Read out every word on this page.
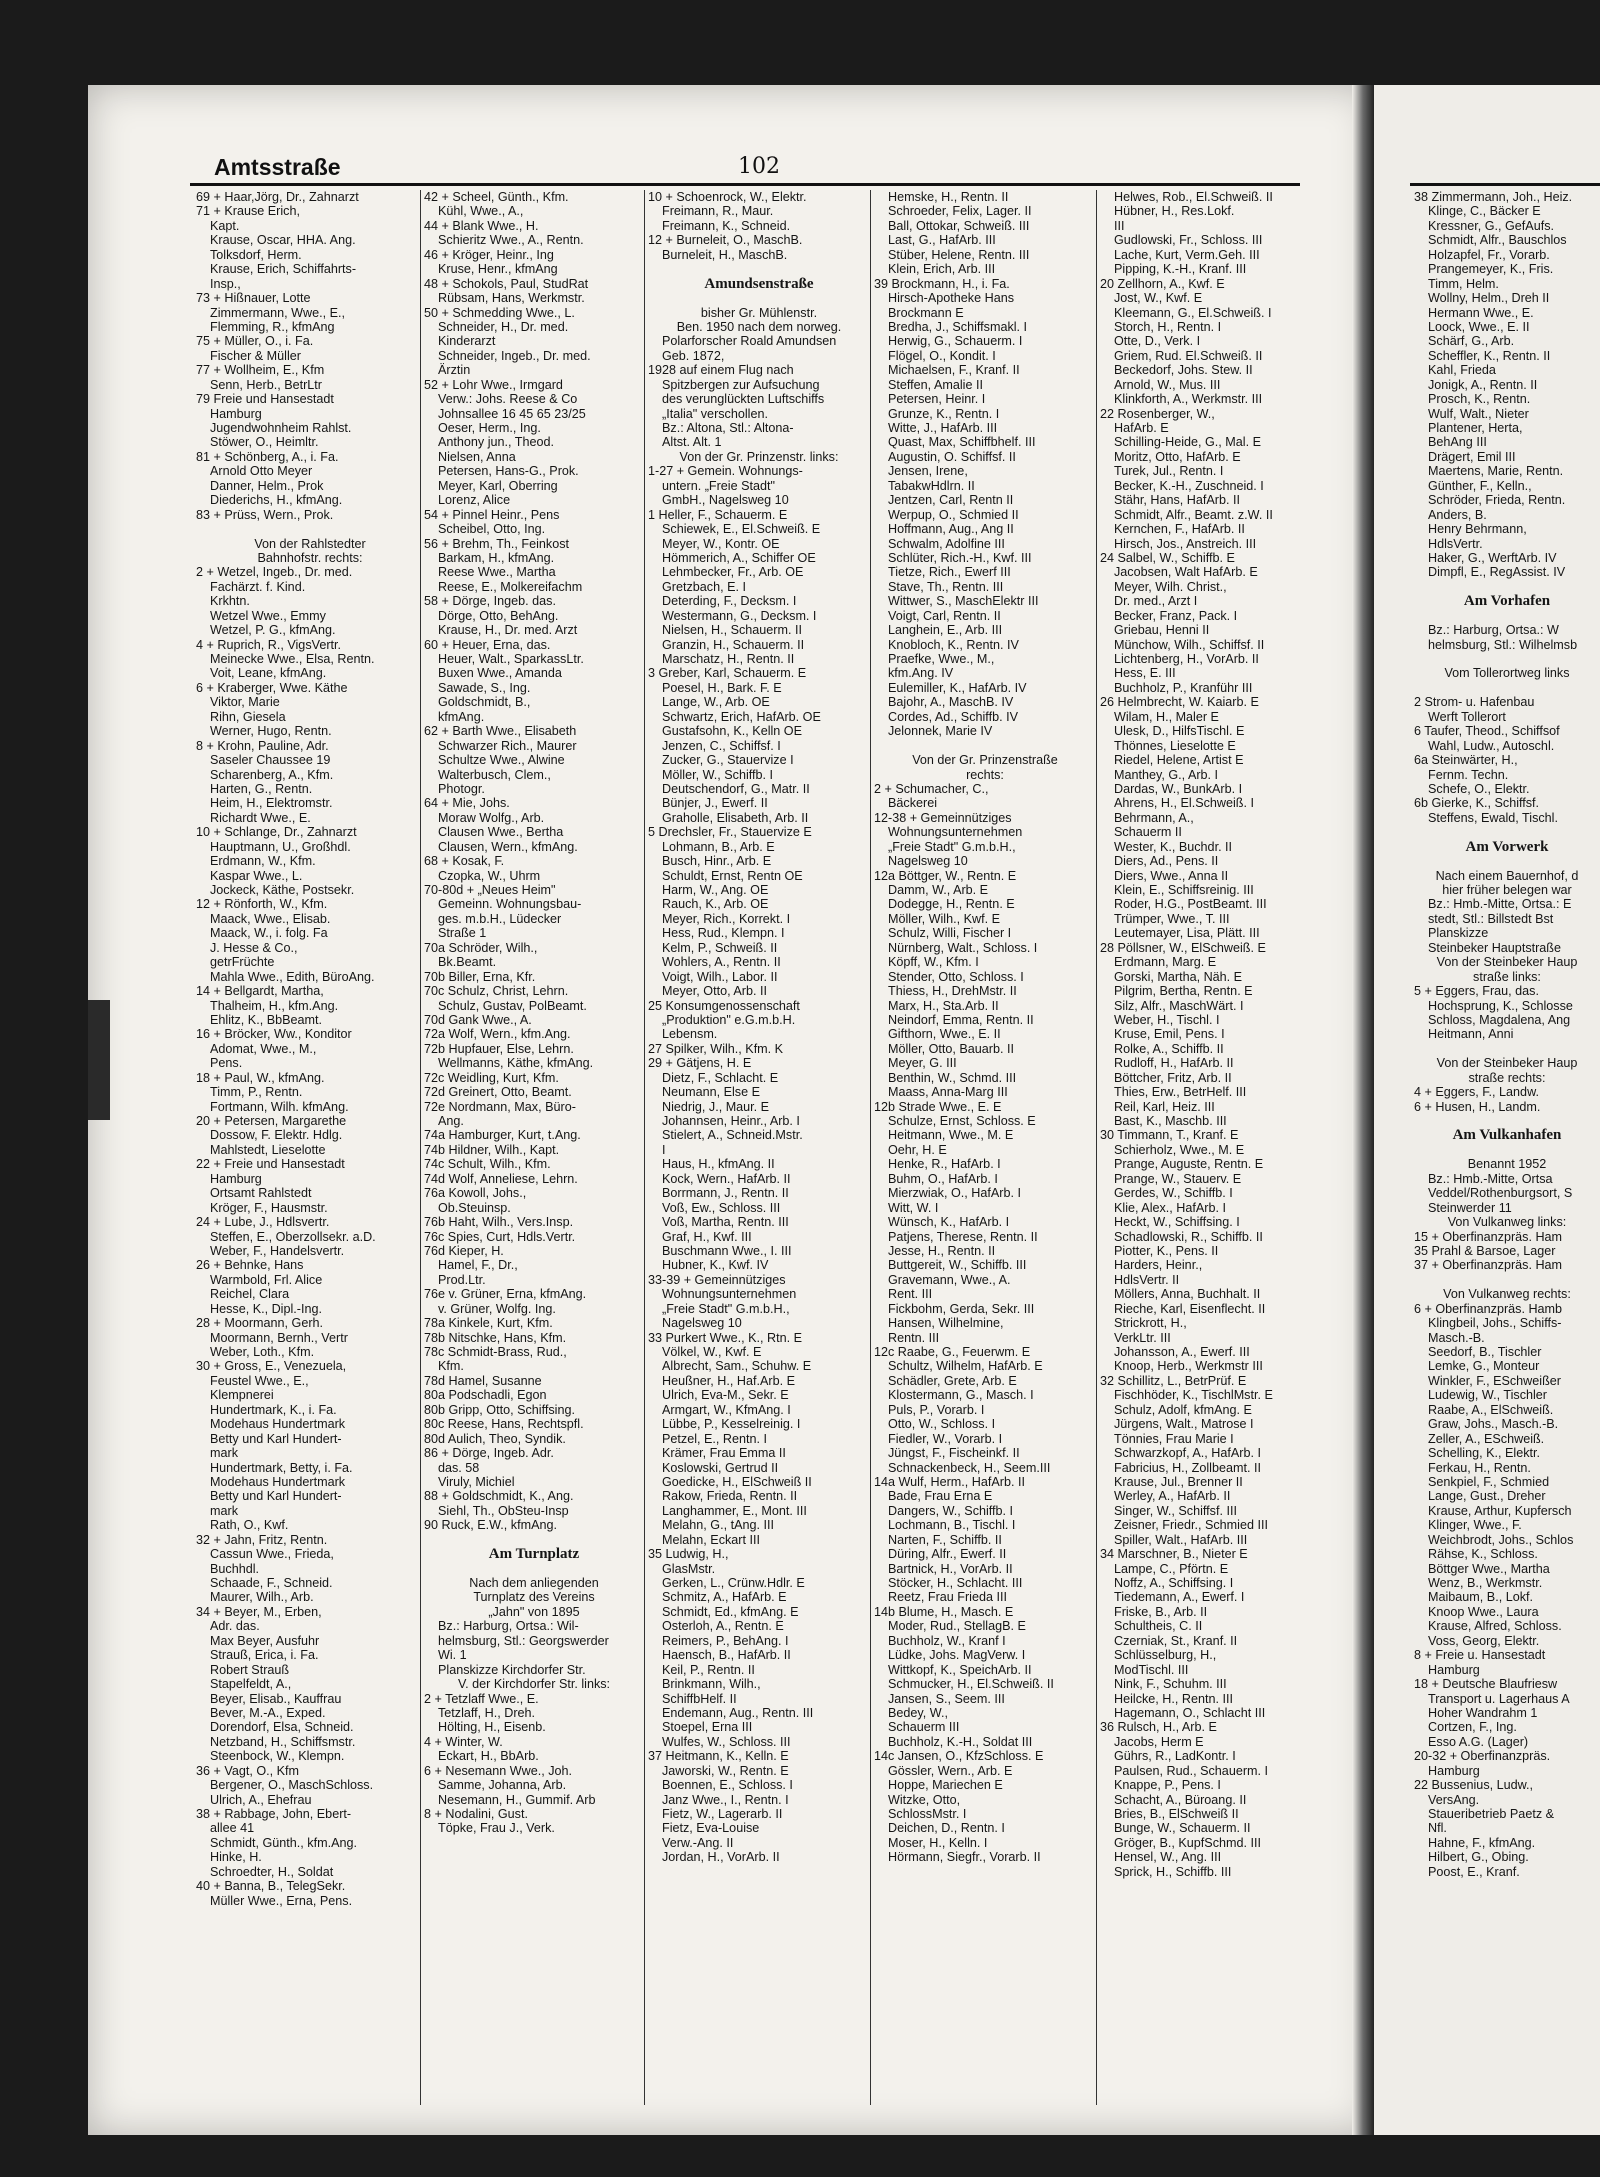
Amtsstraße	102
69 + Haar,Jörg, Dr., Zahnarzt
71 + Krause Erich,
Kapt.
Krause, Oscar, HHA. Ang.
Tolksdorf, Herm.
Krause, Erich, Schiffahrts-
Insp.,
73 + Hißnauer, Lotte
Zimmermann, Wwe., E.,
Flemming, R., kfmAng
75 + Müller, O., i. Fa.
Fischer & Müller
77 + Wollheim, E., Kfm
Senn, Herb., BetrLtr
79 Freie und Hansestadt
Hamburg
Jugendwohnheim Rahlst.
Stöwer, O., Heimltr.
81 + Schönberg, A., i. Fa.
Arnold Otto Meyer
Danner, Helm., Prok
Diederichs, H., kfmAng.
83 + Prüss, Wern., Prok.

Von der Rahlstedter
Bahnhofstr. rechts:
2 + Wetzel, Ingeb., Dr. med.
Fachärzt. f. Kind.
Krkhtn.
Wetzel Wwe., Emmy
Wetzel, P. G., kfmAng.
4 + Ruprich, R., VigsVertr.
Meinecke Wwe., Elsa, Rentn.
Voit, Leane, kfmAng.
6 + Kraberger, Wwe. Käthe
Viktor, Marie
Rihn, Giesela
Werner, Hugo, Rentn.
8 + Krohn, Pauline, Adr.
Saseler Chaussee 19
Scharenberg, A., Kfm.
Harten, G., Rentn.
Heim, H., Elektromstr.
Richardt Wwe., E.
10 + Schlange, Dr., Zahnarzt
Hauptmann, U., Großhdl.
Erdmann, W., Kfm.
Kaspar Wwe., L.
Jockeck, Käthe, Postsekr.
12 + Rönforth, W., Kfm.
Maack, Wwe., Elisab.
Maack, W., i. folg. Fa
J. Hesse & Co.,
getrFrüchte
Mahla Wwe., Edith, BüroAng.
14 + Bellgardt, Martha,
Thalheim, H., kfm.Ang.
Ehlitz, K., BbBeamt.
16 + Bröcker, Ww., Konditor
Adomat, Wwe., M.,
Pens.
18 + Paul, W., kfmAng.
Timm, P., Rentn.
Fortmann, Wilh. kfmAng.
20 + Petersen, Margarethe
Dossow, F. Elektr. Hdlg.
Mahlstedt, Lieselotte
22 + Freie und Hansestadt
Hamburg
Ortsamt Rahlstedt
Kröger, F., Hausmstr.
24 + Lube, J., Hdlsvertr.
Steffen, E., Oberzollsekr. a.D.
Weber, F., Handelsvertr.
26 + Behnke, Hans
Warmbold, Frl. Alice
Reichel, Clara
Hesse, K., Dipl.-Ing.
28 + Moormann, Gerh.
Moormann, Bernh., Vertr
Weber, Loth., Kfm.
30 + Gross, E., Venezuela,
Feustel Wwe., E.,
Klempnerei
Hundertmark, K., i. Fa.
Modehaus Hundertmark
Betty und Karl Hundert-
mark
Hundertmark, Betty, i. Fa.
Modehaus Hundertmark
Betty und Karl Hundert-
mark
Rath, O., Kwf.
32 + Jahn, Fritz, Rentn.
Cassun Wwe., Frieda,
Buchhdl.
Schaade, F., Schneid.
Maurer, Wilh., Arb.
34 + Beyer, M., Erben,
Adr. das.
Max Beyer, Ausfuhr
Strauß, Erica, i. Fa.
Robert Strauß
Stapelfeldt, A.,
Beyer, Elisab., Kauffrau
Bever, M.-A., Exped.
Dorendorf, Elsa, Schneid.
Netzband, H., Schiffsmstr.
Steenbock, W., Klempn.
36 + Vagt, O., Kfm
Bergener, O., MaschSchloss.
Ulrich, A., Ehefrau
38 + Rabbage, John, Ebert-
allee 41
Schmidt, Günth., kfm.Ang.
Hinke, H.
Schroedter, H., Soldat
40 + Banna, B., TelegSekr.
Müller Wwe., Erna, Pens.
42 + Scheel, Günth., Kfm.
Kühl, Wwe., A.,
44 + Blank Wwe., H.
Schieritz Wwe., A., Rentn.
46 + Kröger, Heinr., Ing
Kruse, Henr., kfmAng
48 + Schokols, Paul, StudRat
Rübsam, Hans, Werkmstr.
50 + Schmedding Wwe., L.
Schneider, H., Dr. med.
Kinderarzt
Schneider, Ingeb., Dr. med.
Ärztin
52 + Lohr Wwe., Irmgard
Verw.: Johs. Reese & Co
Johnsallee 16 45 65 23/25
Oeser, Herm., Ing.
Anthony jun., Theod.
Nielsen, Anna
Petersen, Hans-G., Prok.
Meyer, Karl, Oberring
Lorenz, Alice
54 + Pinnel Heinr., Pens
Scheibel, Otto, Ing.
56 + Brehm, Th., Feinkost
Barkam, H., kfmAng.
Reese Wwe., Martha
Reese, E., Molkereifachm
58 + Dörge, Ingeb. das.
Dörge, Otto, BehAng.
Krause, H., Dr. med. Arzt
60 + Heuer, Erna, das.
Heuer, Walt., SparkassLtr.
Buxen Wwe., Amanda
Sawade, S., Ing.
Goldschmidt, B.,
kfmAng.
62 + Barth Wwe., Elisabeth
Schwarzer Rich., Maurer
Schultze Wwe., Alwine
Walterbusch, Clem.,
Photogr.
64 + Mie, Johs.
Moraw Wolfg., Arb.
Clausen Wwe., Bertha
Clausen, Wern., kfmAng.
68 + Kosak, F.
Czopka, W., Uhrm
70-80d + „Neues Heim"
Gemeinn. Wohnungsbau-
ges. m.b.H., Lüdecker
Straße 1
70a Schröder, Wilh.,
Bk.Beamt.
70b Biller, Erna, Kfr.
70c Schulz, Christ, Lehrn.
Schulz, Gustav, PolBeamt.
70d Gank Wwe., A.
72a Wolf, Wern., kfm.Ang.
72b Hupfauer, Else, Lehrn.
Wellmanns, Käthe, kfmAng.
72c Weidling, Kurt, Kfm.
72d Greinert, Otto, Beamt.
72e Nordmann, Max, Büro-
Ang.
74a Hamburger, Kurt, t.Ang.
74b Hildner, Wilh., Kapt.
74c Schult, Wilh., Kfm.
74d Wolf, Anneliese, Lehrn.
76a Kowoll, Johs.,
Ob.Steuinsp.
76b Haht, Wilh., Vers.Insp.
76c Spies, Curt, Hdls.Vertr.
76d Kieper, H.
Hamel, F., Dr.,
Prod.Ltr.
76e v. Grüner, Erna, kfmAng.
v. Grüner, Wolfg. Ing.
78a Kinkele, Kurt, Kfm.
78b Nitschke, Hans, Kfm.
78c Schmidt-Brass, Rud.,
Kfm.
78d Hamel, Susanne
80a Podschadli, Egon
80b Gripp, Otto, Schiffsing.
80c Reese, Hans, Rechtspfl.
80d Aulich, Theo, Syndik.
86 + Dörge, Ingeb. Adr.
das. 58
Viruly, Michiel
88 + Goldschmidt, K., Ang.
Siehl, Th., ObSteu-Insp
90 Ruck, E.W., kfmAng.

Am Turnplatz

Nach dem anliegenden
Turnplatz des Vereins
„Jahn" von 1895
Bz.: Harburg, Ortsa.: Wil-
helmsburg, Stl.: Georgswerder
Wi. 1
Planskizze Kirchdorfer Str.
V. der Kirchdorfer Str. links:
2 + Tetzlaff Wwe., E.
Tetzlaff, H., Dreh.
Hölting, H., Eisenb.
4 + Winter, W.
Eckart, H., BbArb.
6 + Nesemann Wwe., Joh.
Samme, Johanna, Arb.
Nesemann, H., Gummif. Arb
8 + Nodalini, Gust.
Töpke, Frau J., Verk.
10 + Schoenrock, W., Elektr.
Freimann, R., Maur.
Freimann, K., Schneid.
12 + Burneleit, O., MaschB.
Burneleit, H., MaschB.

Amundsenstraße

bisher Gr. Mühlenstr.
Ben. 1950 nach dem norweg.
Polarforscher Roald Amundsen
Geb. 1872,
1928 auf einem Flug nach
Spitzbergen zur Aufsuchung
des verunglückten Luftschiffs
„Italia" verschollen.
Bz.: Altona, Stl.: Altona-
Altst. Alt. 1
Von der Gr. Prinzenstr. links:
1-27 + Gemein. Wohnungs-
untern. „Freie Stadt"
GmbH., Nagelsweg 10
1 Heller, F., Schauerm. E
Schiewek, E., El.Schweiß. E
Meyer, W., Kontr. OE
Hömmerich, A., Schiffer OE
Lehmbecker, Fr., Arb. OE
Gretzbach, E. I
Deterding, F., Decksm. I
Westermann, G., Decksm. I
Nielsen, H., Schauerm. II
Granzin, H., Schauerm. II
Marschatz, H., Rentn. II
3 Greber, Karl, Schauerm. E
Poesel, H., Bark. F. E
Lange, W., Arb. OE
Schwartz, Erich, HafArb. OE
Gustafsohn, K., Kelln OE
Jenzen, C., Schiffsf. I
Zucker, G., Stauervize I
Möller, W., Schiffb. I
Deutschendorf, G., Matr. II
Bünjer, J., Ewerf. II
Graholle, Elisabeth, Arb. II
5 Drechsler, Fr., Stauervize E
Lohmann, B., Arb. E
Busch, Hinr., Arb. E
Schuldt, Ernst, Rentn OE
Harm, W., Ang. OE
Rauch, K., Arb. OE
Meyer, Rich., Korrekt. I
Hess, Rud., Klempn. I
Kelm, P., Schweiß. II
Wohlers, A., Rentn. II
Voigt, Wilh., Labor. II
Meyer, Otto, Arb. II
25 Konsumgenossenschaft
„Produktion" e.G.m.b.H.
Lebensm.
27 Spilker, Wilh., Kfm. K
29 + Gätjens, H. E
Dietz, F., Schlacht. E
Neumann, Else E
Niedrig, J., Maur. E
Johannsen, Heinr., Arb. I
Stielert, A., Schneid.Mstr.
I
Haus, H., kfmAng. II
Kock, Wern., HafArb. II
Borrmann, J., Rentn. II
Voß, Ew., Schloss. III
Voß, Martha, Rentn. III
Graf, H., Kwf. III
Buschmann Wwe., I. III
Hubner, K., Kwf. IV
33-39 + Gemeinnütziges
Wohnungsunternehmen
„Freie Stadt" G.m.b.H.,
Nagelsweg 10
33 Purkert Wwe., K., Rtn. E
Völkel, W., Kwf. E
Albrecht, Sam., Schuhw. E
Heußner, H., Haf.Arb. E
Ulrich, Eva-M., Sekr. E
Armgart, W., KfmAng. I
Lübbe, P., Kesselreinig. I
Petzel, E., Rentn. I
Krämer, Frau Emma II
Koslowski, Gertrud II
Goedicke, H., ElSchweiß II
Rakow, Frieda, Rentn. II
Langhammer, E., Mont. III
Melahn, G., tAng. III
Melahn, Eckart III
35 Ludwig, H.,
GlasMstr.
Gerken, L., Crünw.Hdlr. E
Schmitz, A., HafArb. E
Schmidt, Ed., kfmAng. E
Osterloh, A., Rentn. E
Reimers, P., BehAng. I
Haensch, B., HafArb. II
Keil, P., Rentn. II
Brinkmann, Wilh.,
SchiffbHelf. II
Endemann, Aug., Rentn. III
Stoepel, Erna III
Wulfes, W., Schloss. III
37 Heitmann, K., Kelln. E
Jaworski, W., Rentn. E
Boennen, E., Schloss. I
Janz Wwe., I., Rentn. I
Fietz, W., Lagerarb. II
Fietz, Eva-Louise
Verw.-Ang. II
Jordan, H., VorArb. II
Hemske, H., Rentn. II
Schroeder, Felix, Lager. II
Ball, Ottokar, Schweiß. III
Last, G., HafArb. III
Stüber, Helene, Rentn. III
Klein, Erich, Arb. III
39 Brockmann, H., i. Fa.
Hirsch-Apotheke Hans
Brockmann E
Bredha, J., Schiffsmakl. I
Herwig, G., Schauerm. I
Flögel, O., Kondit. I
Michaelsen, F., Kranf. II
Steffen, Amalie II
Petersen, Heinr. I
Grunze, K., Rentn. I
Witte, J., HafArb. III
Quast, Max, Schiffbhelf. III
Augustin, O. Schiffsf. II
Jensen, Irene,
TabakwHdlrn. II
Jentzen, Carl, Rentn II
Werpup, O., Schmied II
Hoffmann, Aug., Ang II
Schwalm, Adolfine III
Schlüter, Rich.-H., Kwf. III
Tietze, Rich., Ewerf III
Stave, Th., Rentn. III
Wittwer, S., MaschElektr III
Voigt, Carl, Rentn. II
Langhein, E., Arb. III
Knobloch, K., Rentn. IV
Praefke, Wwe., M.,
kfm.Ang. IV
Eulemiller, K., HafArb. IV
Bajohr, A., MaschB. IV
Cordes, Ad., Schiffb. IV
Jelonnek, Marie IV

Von der Gr. Prinzenstraße
rechts:
2 + Schumacher, C.,
Bäckerei
12-38 + Gemeinnütziges
Wohnungsunternehmen
„Freie Stadt" G.m.b.H.,
Nagelsweg 10
12a Böttger, W., Rentn. E
Damm, W., Arb. E
Dodegge, H., Rentn. E
Möller, Wilh., Kwf. E
Schulz, Willi, Fischer I
Nürnberg, Walt., Schloss. I
Köpff, W., Kfm. I
Stender, Otto, Schloss. I
Thiess, H., DrehMstr. II
Marx, H., Sta.Arb. II
Neindorf, Emma, Rentn. II
Gifthorn, Wwe., E. II
Möller, Otto, Bauarb. II
Meyer, G. III
Benthin, W., Schmd. III
Maass, Anna-Marg III
12b Strade Wwe., E. E
Schulze, Ernst, Schloss. E
Heitmann, Wwe., M. E
Oehr, H. E
Henke, R., HafArb. I
Buhm, O., HafArb. I
Mierzwiak, O., HafArb. I
Witt, W. I
Wünsch, K., HafArb. I
Patjens, Therese, Rentn. II
Jesse, H., Rentn. II
Buttgereit, W., Schiffb. III
Gravemann, Wwe., A.
Rent. III
Fickbohm, Gerda, Sekr. III
Hansen, Wilhelmine,
Rentn. III
12c Raabe, G., Feuerwm. E
Schultz, Wilhelm, HafArb. E
Schädler, Grete, Arb. E
Klostermann, G., Masch. I
Puls, P., Vorarb. I
Otto, W., Schloss. I
Fiedler, W., Vorarb. I
Jüngst, F., Fischeinkf. II
Schnackenbeck, H., Seem.III
14a Wulf, Herm., HafArb. II
Bade, Frau Erna E
Dangers, W., Schiffb. I
Lochmann, B., Tischl. I
Narten, F., Schiffb. II
Düring, Alfr., Ewerf. II
Bartnick, H., VorArb. II
Stöcker, H., Schlacht. III
Reetz, Frau Frieda III
14b Blume, H., Masch. E
Moder, Rud., StellagB. E
Buchholz, W., Kranf I
Lüdke, Johs. MagVerw. I
Wittkopf, K., SpeichArb. II
Schmucker, H., El.Schweiß. II
Jansen, S., Seem. III
Bedey, W.,
Schauerm III
Buchholz, K.-H., Soldat III
14c Jansen, O., KfzSchloss. E
Gössler, Wern., Arb. E
Hoppe, Mariechen E
Witzke, Otto,
SchlossMstr. I
Deichen, D., Rentn. I
Moser, H., Kelln. I
Hörmann, Siegfr., Vorarb. II
Helwes, Rob., El.Schweiß. II
Hübner, H., Res.Lokf.
III
Gudlowski, Fr., Schloss. III
Lache, Kurt, Verm.Geh. III
Pipping, K.-H., Kranf. III
20 Zellhorn, A., Kwf. E
Jost, W., Kwf. E
Kleemann, G., El.Schweiß. I
Storch, H., Rentn. I
Otte, D., Verk. I
Griem, Rud. El.Schweiß. II
Beckedorf, Johs. Stew. II
Arnold, W., Mus. III
Klinkforth, A., Werkmstr. III
22 Rosenberger, W.,
HafArb. E
Schilling-Heide, G., Mal. E
Moritz, Otto, HafArb. E
Turek, Jul., Rentn. I
Becker, K.-H., Zuschneid. I
Stähr, Hans, HafArb. II
Schmidt, Alfr., Beamt. z.W. II
Kernchen, F., HafArb. II
Hirsch, Jos., Anstreich. III
24 Salbel, W., Schiffb. E
Jacobsen, Walt HafArb. E
Meyer, Wilh. Christ.,
Dr. med., Arzt I
Becker, Franz, Pack. I
Griebau, Henni II
Münchow, Wilh., Schiffsf. II
Lichtenberg, H., VorArb. II
Hess, E. III
Buchholz, P., Kranführ III
26 Helmbrecht, W. Kaiarb. E
Wilam, H., Maler E
Ulesk, D., HilfsTischl. E
Thönnes, Lieselotte E
Riedel, Helene, Artist E
Manthey, G., Arb. I
Dardas, W., BunkArb. I
Ahrens, H., El.Schweiß. I
Behrmann, A.,
Schauerm II
Wester, K., Buchdr. II
Diers, Ad., Pens. II
Diers, Wwe., Anna II
Klein, E., Schiffsreinig. III
Roder, H.G., PostBeamt. III
Trümper, Wwe., T. III
Leutemayer, Lisa, Plätt. III
28 Pöllsner, W., ElSchweiß. E
Erdmann, Marg. E
Gorski, Martha, Näh. E
Pilgrim, Bertha, Rentn. E
Silz, Alfr., MaschWärt. I
Weber, H., Tischl. I
Kruse, Emil, Pens. I
Rolke, A., Schiffb. II
Rudloff, H., HafArb. II
Böttcher, Fritz, Arb. II
Thies, Erw., BetrHelf. III
Reil, Karl, Heiz. III
Bast, K., Maschb. III
30 Timmann, T., Kranf. E
Schierholz, Wwe., M. E
Prange, Auguste, Rentn. E
Prange, W., Stauerv. E
Gerdes, W., Schiffb. I
Klie, Alex., HafArb. I
Heckt, W., Schiffsing. I
Schadlowski, R., Schiffb. II
Piotter, K., Pens. II
Harders, Heinr.,
HdlsVertr. II
Möllers, Anna, Buchhalt. II
Rieche, Karl, Eisenflecht. II
Strickrott, H.,
VerkLtr. III
Johansson, A., Ewerf. III
Knoop, Herb., Werkmstr III
32 Schillitz, L., BetrPrüf. E
Fischhöder, K., TischlMstr. E
Schulz, Adolf, kfmAng. E
Jürgens, Walt., Matrose I
Tönnies, Frau Marie I
Schwarzkopf, A., HafArb. I
Fabricius, H., Zollbeamt. II
Krause, Jul., Brenner II
Werley, A., HafArb. II
Singer, W., Schiffsf. III
Zeisner, Friedr., Schmied III
Spiller, Walt., HafArb. III
34 Marschner, B., Nieter E
Lampe, C., Pförtn. E
Noffz, A., Schiffsing. I
Tiedemann, A., Ewerf. I
Friske, B., Arb. II
Schultheis, C. II
Czerniak, St., Kranf. II
Schlüsselburg, H.,
ModTischl. III
Nink, F., Schuhm. III
Heilcke, H., Rentn. III
Hagemann, O., Schlacht III
36 Rulsch, H., Arb. E
Jacobs, Herm E
Gührs, R., LadKontr. I
Paulsen, Rud., Schauerm. I
Knappe, P., Pens. I
Schacht, A., Büroang. II
Bries, B., ElSchweiß II
Bunge, W., Schauerm. II
Gröger, B., KupfSchmd. III
Hensel, W., Ang. III
Sprick, H., Schiffb. III
38 Zimmermann, Joh., Heiz.
Klinge, C., Bäcker E
Kressner, G., GefAufs.
Schmidt, Alfr., Bauschlos
Holzapfel, Fr., Vorarb.
Prangemeyer, K., Fris.
Timm, Helm.
Wollny, Helm., Dreh II
Hermann Wwe., E.
Loock, Wwe., E. II
Schärf, G., Arb.
Scheffler, K., Rentn. II
Kahl, Frieda
Jonigk, A., Rentn. II
Prosch, K., Rentn.
Wulf, Walt., Nieter
Plantener, Herta,
BehAng III
Drägert, Emil III
Maertens, Marie, Rentn.
Günther, F., Kelln.,
Schröder, Frieda, Rentn.
Anders, B.
Henry Behrmann,
HdlsVertr.
Haker, G., WerftArb. IV
Dimpfl, E., RegAssist. IV

Am Vorhafen

Bz.: Harburg, Ortsa.: W
helmsburg, Stl.: Wilhelmsb

Vom Tollerortweg links

2 Strom- u. Hafenbau
Werft Tollerort
6 Taufer, Theod., Schiffsof
Wahl, Ludw., Autoschl.
6a Steinwärter, H.,
Fernm. Techn.
Schefe, O., Elektr.
6b Gierke, K., Schiffsf.
Steffens, Ewald, Tischl.

Am Vorwerk

Nach einem Bauernhof, d
hier früher belegen war
Bz.: Hmb.-Mitte, Ortsa.: E
stedt, Stl.: Billstedt Bst
Planskizze
Steinbeker Hauptstraße
Von der Steinbeker Haup
straße links:
5 + Eggers, Frau, das.
Hochsprung, K., Schlosse
Schloss, Magdalena, Ang
Heitmann, Anni

Von der Steinbeker Haup
straße rechts:
4 + Eggers, F., Landw.
6 + Husen, H., Landm.

Am Vulkanhafen

Benannt 1952
Bz.: Hmb.-Mitte, Ortsa
Veddel/Rothenburgsort, S
Steinwerder 11
Von Vulkanweg links:
15 + Oberfinanzpräs. Ham
35 Prahl & Barsoe, Lager
37 + Oberfinanzpräs. Ham

Von Vulkanweg rechts:
6 + Oberfinanzpräs. Hamb
Klingbeil, Johs., Schiffs-
Masch.-B.
Seedorf, B., Tischler
Lemke, G., Monteur
Winkler, F., ESchweißer
Ludewig, W., Tischler
Raabe, A., ElSchweiß.
Graw, Johs., Masch.-B.
Zeller, A., ESchweiß.
Schelling, K., Elektr.
Ferkau, H., Rentn.
Senkpiel, F., Schmied
Lange, Gust., Dreher
Krause, Arthur, Kupfersch
Klinger, Wwe., F.
Weichbrodt, Johs., Schlos
Rähse, K., Schloss.
Böttger Wwe., Martha
Wenz, B., Werkmstr.
Maibaum, B., Lokf.
Knoop Wwe., Laura
Krause, Alfred, Schloss.
Voss, Georg, Elektr.
8 + Freie u. Hansestadt
Hamburg
18 + Deutsche Blaufriesw
Transport u. Lagerhaus A
Hoher Wandrahm 1
Cortzen, F., Ing.
Esso A.G. (Lager)
20-32 + Oberfinanzpräs.
Hamburg
22 Bussenius, Ludw.,
VersAng.
Staueribetrieb Paetz &
Nfl.
Hahne, F., kfmAng.
Hilbert, G., Obing.
Poost, E., Kranf.
